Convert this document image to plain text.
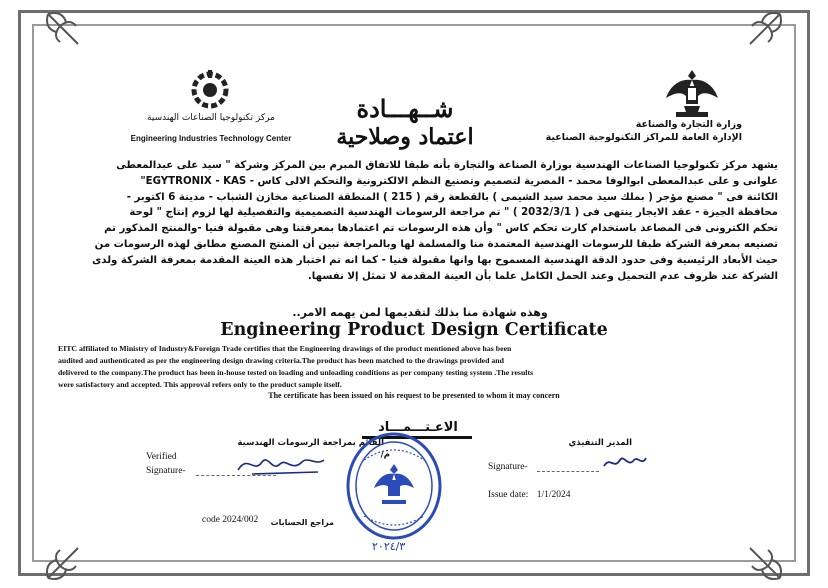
وزارة التجارة والصناعة
الإدارة العامة للمراكز التكنولوجية الصناعية
مركز تكنولوجيا الصناعات الهندسية
Engineering Industries Technology Center
شــهـــادة
اعتماد وصلاحية
يشهد مركز تكنولوجيا الصناعات الهندسية بوزارة الصناعة والتجارة بأنه طبقا للاتفاق المبرم بين المركز وشركة " سيد على عبدالمعطى
علوانى و على عبدالمعطى ابوالوفا محمد - المصرية لتصميم وتصنيع النظم الالكترونية والتحكم الالى كاس - EGYTRONIX - KAS"
الكائنة فى " مصنع مؤجر ( بملك سيد محمد سيد الشيمى ) بالقطعة رقم ( 215 ) المنطقة الصناعية مخازن الشباب - مدينة 6 اكتوبر -
محافظة الجيزة - عقد الايجار ينتهى فى ( 2032/3/1 ) " تم مراجعة الرسومات الهندسية التصميمية والتفصيلية لها لزوم إنتاج " لوحة
تحكم الكترونى فى المصاعد باستخدام كارت تحكم كاس " وأن هذه الرسومات تم اعتمادها بمعرفتنا وهى مقبولة فنيا -والمنتج المذكور تم
تصنيعه بمعرفة الشركة طبقا للرسومات الهندسية المعتمدة منا والمسلمة لها وبالمراجعة تبين أن المنتج المصنع مطابق لهذه الرسومات من
حيث الأبعاد الرئيسية وفى حدود الدقة الهندسية المسموح بها وانها مقبولة فنيا - كما انه تم اختبار هذه العينة المقدمة بمعرفة الشركة ولدى
الشركة عند ظروف عدم التحميل وعند الحمل الكامل علما بأن العينة المقدمة لا تمثل إلا نفسها.
وهذه شهادة منا بذلك لتقديمها لمن يهمه الامر..
Engineering Product Design Certificate
EITC affiliated to Ministry of Industry&Foreign Trade certifies that the Engineering drawings of the product mentioned above has been
audited and authenticated as per the engineering design drawing criteria.The product has been matched to the drawings provided and
delivered to the company.The product has been in-house tested on loading and unloading conditions as per company testing system .The results
were satisfactory and accepted. This approval refers only to the product sample itself.
The certificate has been issued on his request to be presented to whom it may concern
الاعـتـــمـــاد
القائم بمراجعة الرسومات الهندسية
م/
Verified
Signature-
code 2024/002 مراجع الحسابات
المدير التنفيذي
Signature-
Issue date: 1/1/2024
٢٠٢٤/٣
